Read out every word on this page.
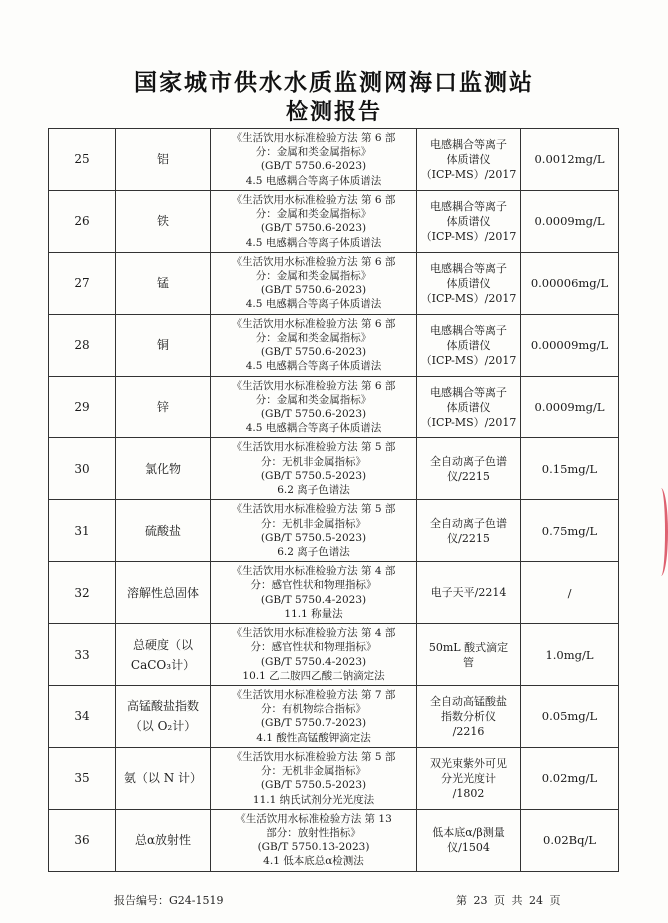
国家城市供水水质监测网海口监测站
检测报告
25	铝	《生活饮用水标准检验方法 第 6 部
分：金属和类金属指标》
(GB/T 5750.6-2023)
4.5 电感耦合等离子体质谱法	电感耦合等离子
体质谱仪
（ICP-MS）/2017	0.0012mg/L
26	铁	《生活饮用水标准检验方法 第 6 部
分：金属和类金属指标》
(GB/T 5750.6-2023)
4.5 电感耦合等离子体质谱法	电感耦合等离子
体质谱仪
（ICP-MS）/2017	0.0009mg/L
27	锰	《生活饮用水标准检验方法 第 6 部
分：金属和类金属指标》
(GB/T 5750.6-2023)
4.5 电感耦合等离子体质谱法	电感耦合等离子
体质谱仪
（ICP-MS）/2017	0.00006mg/L
28	铜	《生活饮用水标准检验方法 第 6 部
分：金属和类金属指标》
(GB/T 5750.6-2023)
4.5 电感耦合等离子体质谱法	电感耦合等离子
体质谱仪
（ICP-MS）/2017	0.00009mg/L
29	锌	《生活饮用水标准检验方法 第 6 部
分：金属和类金属指标》
(GB/T 5750.6-2023)
4.5 电感耦合等离子体质谱法	电感耦合等离子
体质谱仪
（ICP-MS）/2017	0.0009mg/L
30	氯化物	《生活饮用水标准检验方法 第 5 部
分：无机非金属指标》
(GB/T 5750.5-2023)
6.2 离子色谱法	全自动离子色谱
仪/2215	0.15mg/L
31	硫酸盐	《生活饮用水标准检验方法 第 5 部
分：无机非金属指标》
(GB/T 5750.5-2023)
6.2 离子色谱法	全自动离子色谱
仪/2215	0.75mg/L
32	溶解性总固体	《生活饮用水标准检验方法 第 4 部
分：感官性状和物理指标》
(GB/T 5750.4-2023)
11.1 称量法	电子天平/2214	/
33	总硬度（以 CaCO₃计）	《生活饮用水标准检验方法 第 4 部
分：感官性状和物理指标》
(GB/T 5750.4-2023)
10.1 乙二胺四乙酸二钠滴定法	50mL 酸式滴定
管	1.0mg/L
34	高锰酸盐指数（以 O₂计）	《生活饮用水标准检验方法 第 7 部
分：有机物综合指标》
(GB/T 5750.7-2023)
4.1 酸性高锰酸钾滴定法	全自动高锰酸盐
指数分析仪
/2216	0.05mg/L
35	氨（以 N 计）	《生活饮用水标准检验方法 第 5 部
分：无机非金属指标》
(GB/T 5750.5-2023)
11.1 纳氏试剂分光光度法	双光束紫外可见
分光光度计
/1802	0.02mg/L
36	总α放射性	《生活饮用水标准检验方法 第 13
部分：放射性指标》
(GB/T 5750.13-2023)
4.1 低本底总α检测法	低本底α/β测量
仪/1504	0.02Bq/L
报告编号：G24-1519	第 23 页 共 24 页
